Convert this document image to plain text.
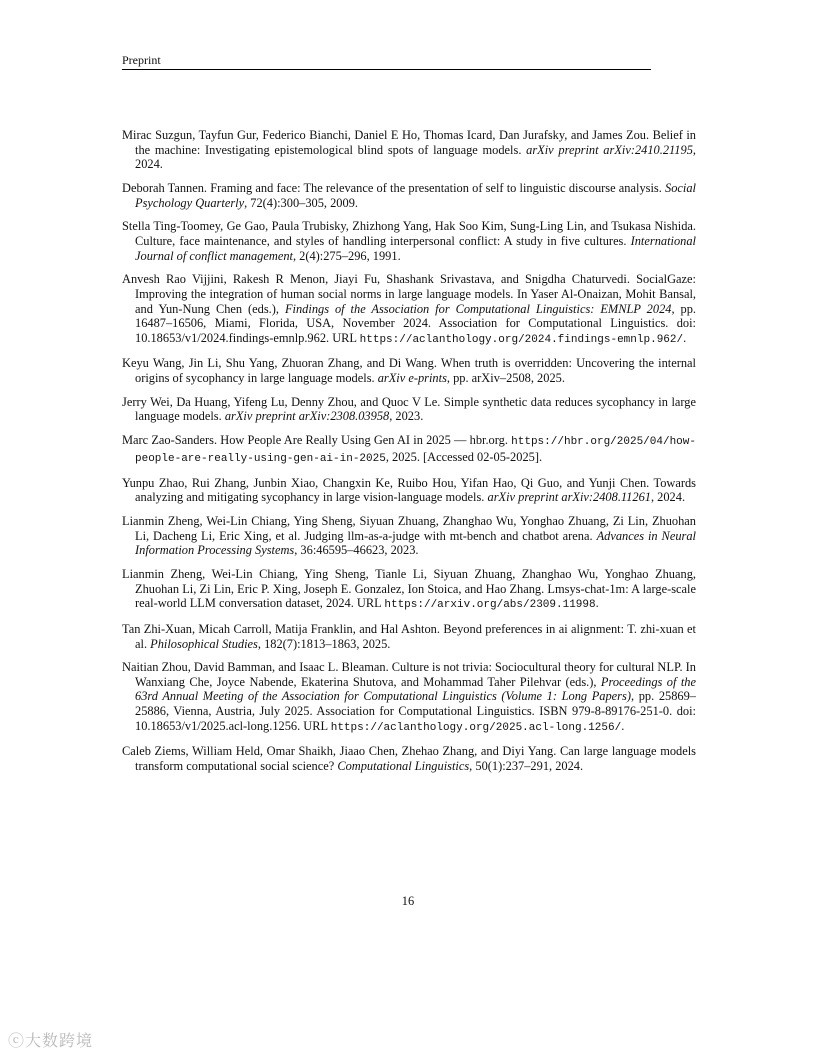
Preprint

Mirac Suzgun, Tayfun Gur, Federico Bianchi, Daniel E Ho, Thomas Icard, Dan Jurafsky, and James Zou. Belief in the machine: Investigating epistemological blind spots of language models. arXiv preprint arXiv:2410.21195, 2024.

Deborah Tannen. Framing and face: The relevance of the presentation of self to linguistic discourse analysis. Social Psychology Quarterly, 72(4):300–305, 2009.

Stella Ting-Toomey, Ge Gao, Paula Trubisky, Zhizhong Yang, Hak Soo Kim, Sung-Ling Lin, and Tsukasa Nishida. Culture, face maintenance, and styles of handling interpersonal conflict: A study in five cultures. International Journal of conflict management, 2(4):275–296, 1991.

Anvesh Rao Vijjini, Rakesh R Menon, Jiayi Fu, Shashank Srivastava, and Snigdha Chaturvedi. SocialGaze: Improving the integration of human social norms in large language models. In Yaser Al-Onaizan, Mohit Bansal, and Yun-Nung Chen (eds.), Findings of the Association for Computational Linguistics: EMNLP 2024, pp. 16487–16506, Miami, Florida, USA, November 2024. Association for Computational Linguistics. doi: 10.18653/v1/2024.findings-emnlp.962. URL https://aclanthology.org/2024.findings-emnlp.962/.

Keyu Wang, Jin Li, Shu Yang, Zhuoran Zhang, and Di Wang. When truth is overridden: Uncovering the internal origins of sycophancy in large language models. arXiv e-prints, pp. arXiv–2508, 2025.

Jerry Wei, Da Huang, Yifeng Lu, Denny Zhou, and Quoc V Le. Simple synthetic data reduces sycophancy in large language models. arXiv preprint arXiv:2308.03958, 2023.

Marc Zao-Sanders. How People Are Really Using Gen AI in 2025 — hbr.org. https://hbr.org/2025/04/how-people-are-really-using-gen-ai-in-2025, 2025. [Accessed 02-05-2025].

Yunpu Zhao, Rui Zhang, Junbin Xiao, Changxin Ke, Ruibo Hou, Yifan Hao, Qi Guo, and Yunji Chen. Towards analyzing and mitigating sycophancy in large vision-language models. arXiv preprint arXiv:2408.11261, 2024.

Lianmin Zheng, Wei-Lin Chiang, Ying Sheng, Siyuan Zhuang, Zhanghao Wu, Yonghao Zhuang, Zi Lin, Zhuohan Li, Dacheng Li, Eric Xing, et al. Judging llm-as-a-judge with mt-bench and chatbot arena. Advances in Neural Information Processing Systems, 36:46595–46623, 2023.

Lianmin Zheng, Wei-Lin Chiang, Ying Sheng, Tianle Li, Siyuan Zhuang, Zhanghao Wu, Yonghao Zhuang, Zhuohan Li, Zi Lin, Eric P. Xing, Joseph E. Gonzalez, Ion Stoica, and Hao Zhang. Lmsys-chat-1m: A large-scale real-world LLM conversation dataset, 2024. URL https://arxiv.org/abs/2309.11998.

Tan Zhi-Xuan, Micah Carroll, Matija Franklin, and Hal Ashton. Beyond preferences in ai alignment: T. zhi-xuan et al. Philosophical Studies, 182(7):1813–1863, 2025.

Naitian Zhou, David Bamman, and Isaac L. Bleaman. Culture is not trivia: Sociocultural theory for cultural NLP. In Wanxiang Che, Joyce Nabende, Ekaterina Shutova, and Mohammad Taher Pilehvar (eds.), Proceedings of the 63rd Annual Meeting of the Association for Computational Linguistics (Volume 1: Long Papers), pp. 25869–25886, Vienna, Austria, July 2025. Association for Computational Linguistics. ISBN 979-8-89176-251-0. doi: 10.18653/v1/2025.acl-long.1256. URL https://aclanthology.org/2025.acl-long.1256/.

Caleb Ziems, William Held, Omar Shaikh, Jiaao Chen, Zhehao Zhang, and Diyi Yang. Can large language models transform computational social science? Computational Linguistics, 50(1):237–291, 2024.

16
ⓒ大数跨境
